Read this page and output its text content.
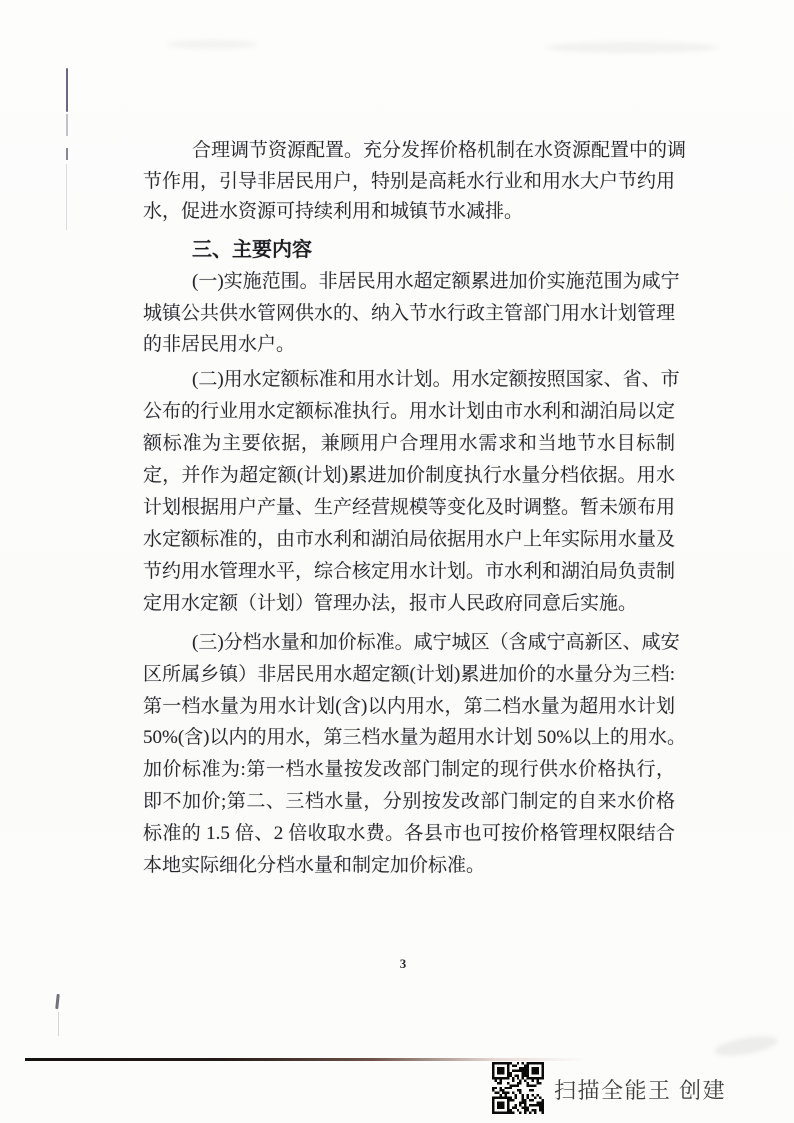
合理调节资源配置。充分发挥价格机制在水资源配置中的调
节作用，引导非居民用户，特别是高耗水行业和用水大户节约用
水，促进水资源可持续利用和城镇节水减排。
三、主要内容
(一)实施范围。非居民用水超定额累进加价实施范围为咸宁
城镇公共供水管网供水的、纳入节水行政主管部门用水计划管理
的非居民用水户。
(二)用水定额标准和用水计划。用水定额按照国家、省、市
公布的行业用水定额标准执行。用水计划由市水利和湖泊局以定
额标准为主要依据，兼顾用户合理用水需求和当地节水目标制
定，并作为超定额(计划)累进加价制度执行水量分档依据。用水
计划根据用户产量、生产经营规模等变化及时调整。暂未颁布用
水定额标准的，由市水利和湖泊局依据用水户上年实际用水量及
节约用水管理水平，综合核定用水计划。市水利和湖泊局负责制
定用水定额（计划）管理办法，报市人民政府同意后实施。
(三)分档水量和加价标准。咸宁城区（含咸宁高新区、咸安
区所属乡镇）非居民用水超定额(计划)累进加价的水量分为三档:
第一档水量为用水计划(含)以内用水，第二档水量为超用水计划
50%(含)以内的用水，第三档水量为超用水计划 50%以上的用水。
加价标准为:第一档水量按发改部门制定的现行供水价格执行，
即不加价;第二、三档水量，分别按发改部门制定的自来水价格
标准的 1.5 倍、2 倍收取水费。各县市也可按价格管理权限结合
本地实际细化分档水量和制定加价标准。
3
扫描全能王 创建
